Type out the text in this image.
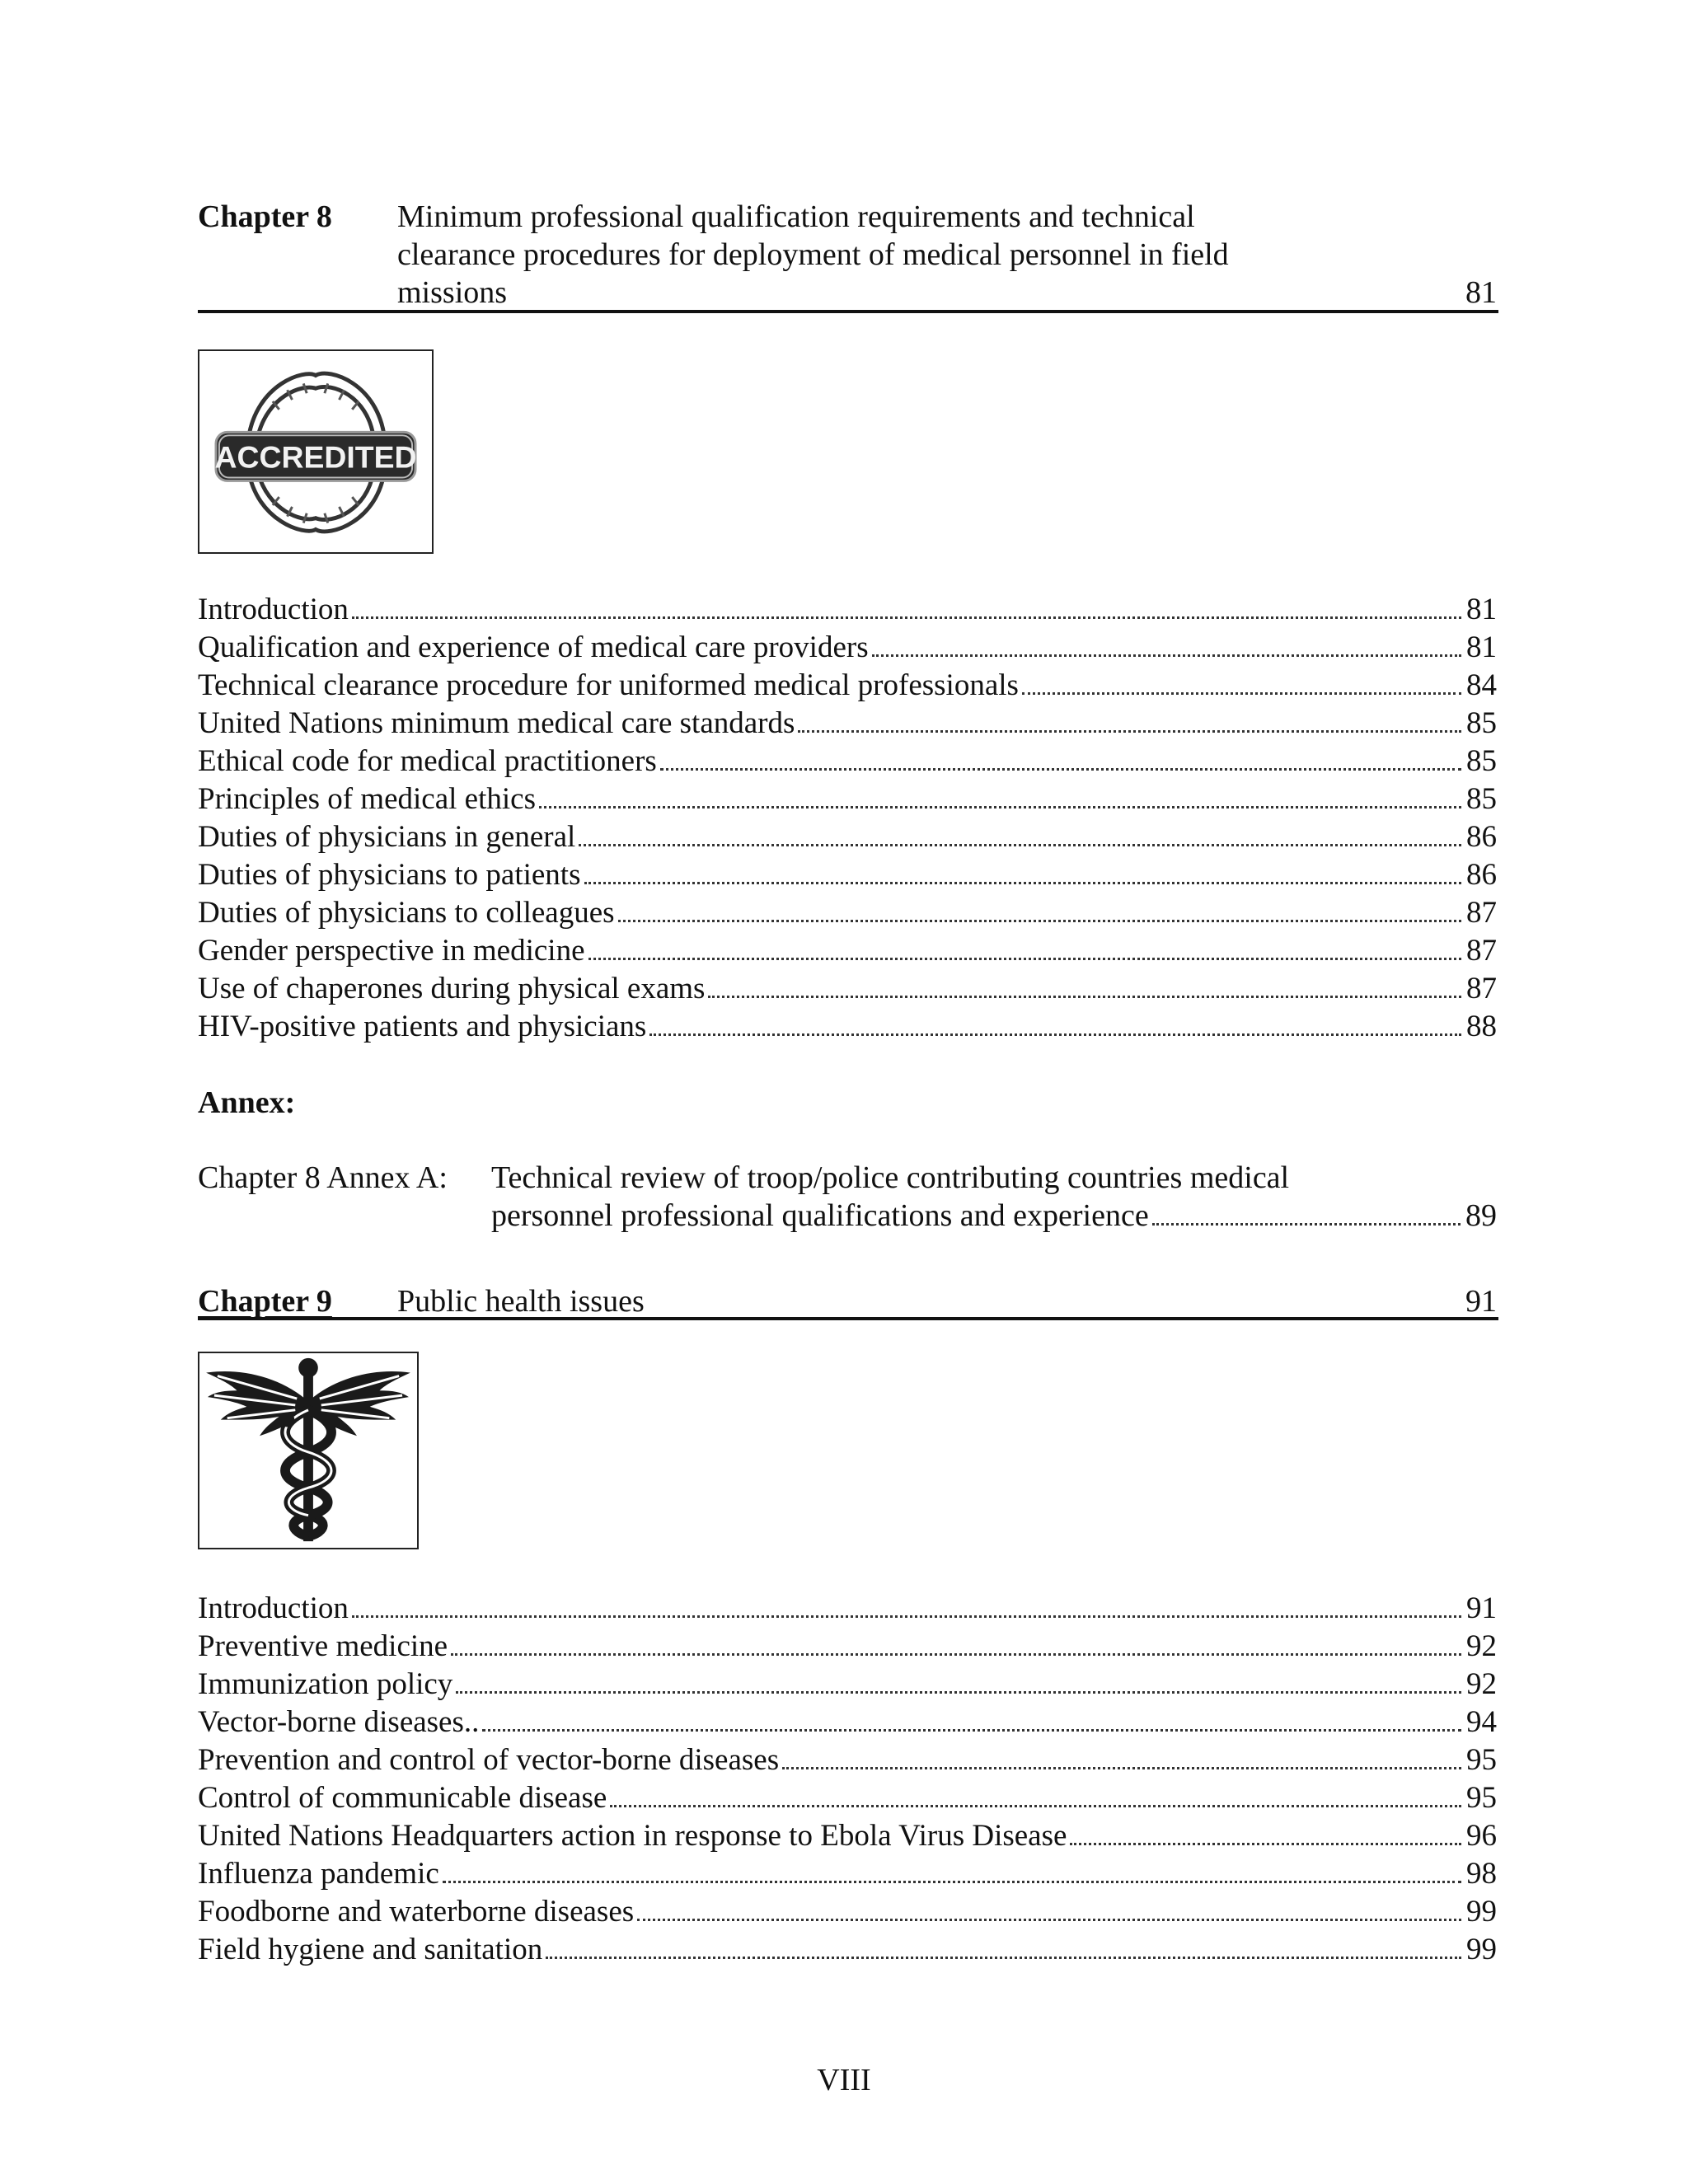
Chapter 8 Minimum professional qualification requirements and technical
clearance procedures for deployment of medical personnel in field
missions	81
ACCREDITED
Introduction	81
Qualification and experience of medical care providers	81
Technical clearance procedure for uniformed medical professionals	84
United Nations minimum medical care standards	85
Ethical code for medical practitioners	85
Principles of medical ethics	85
Duties of physicians in general	86
Duties of physicians to patients	86
Duties of physicians to colleagues	87
Gender perspective in medicine	87
Use of chaperones during physical exams	87
HIV-positive patients and physicians	88
Annex:
Chapter 8 Annex A: Technical review of troop/police contributing countries medical
personnel professional qualifications and experience	89
Chapter 9 Public health issues	91
Introduction	91
Preventive medicine	92
Immunization policy	92
Vector-borne diseases..	94
Prevention and control of vector-borne diseases	95
Control of communicable disease	95
United Nations Headquarters action in response to Ebola Virus Disease	96
Influenza pandemic	98
Foodborne and waterborne diseases	99
Field hygiene and sanitation	99
VIII
